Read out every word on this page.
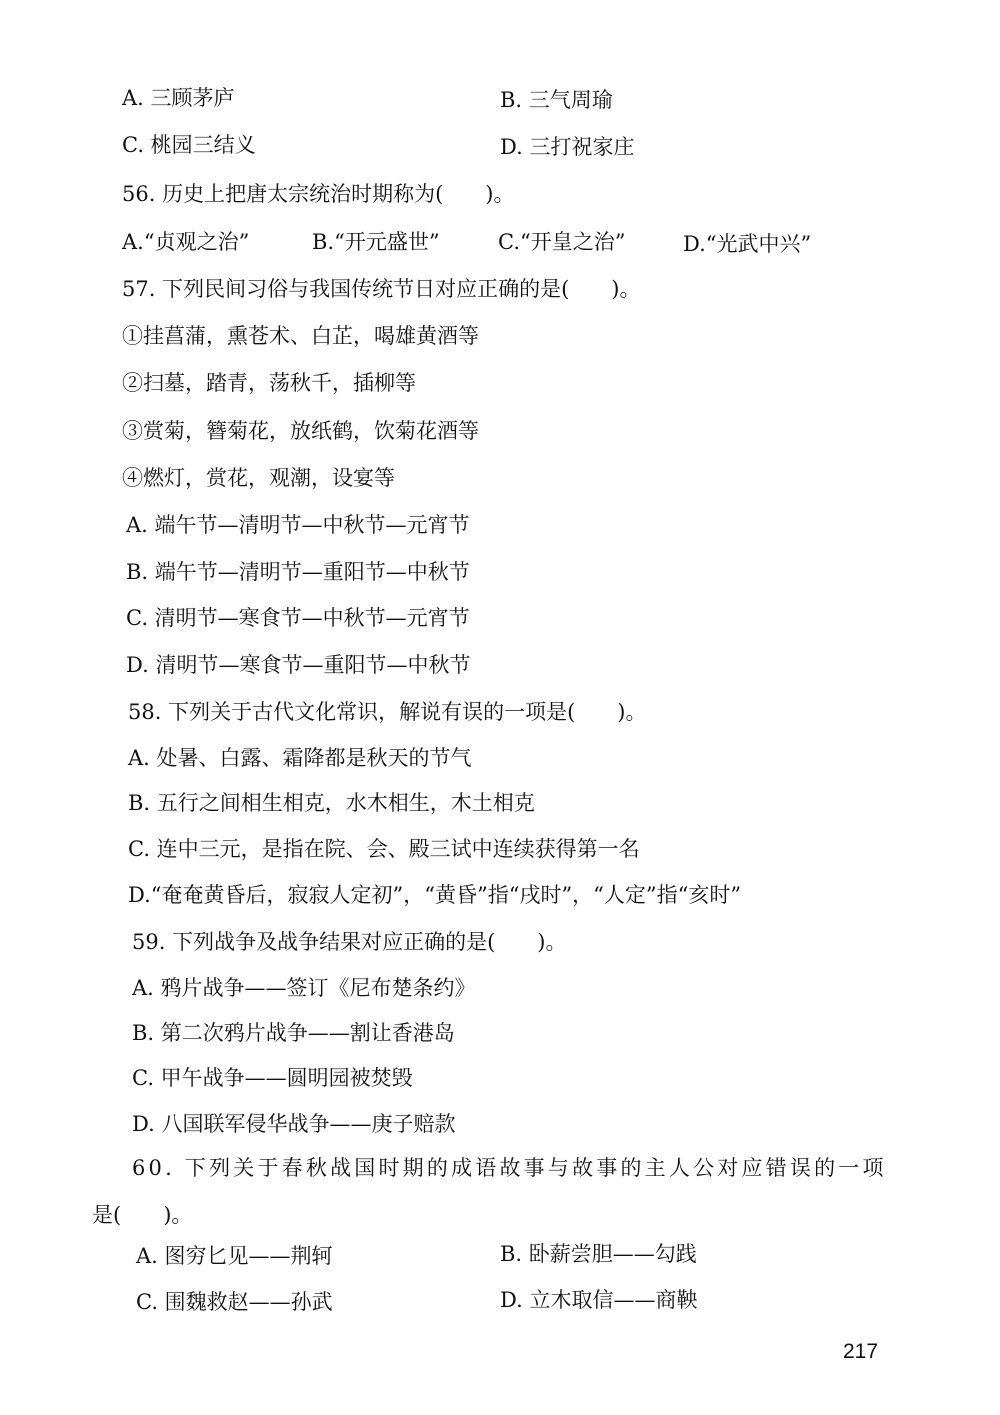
A. 三顾茅庐	B. 三气周瑜
C. 桃园三结义	D. 三打祝家庄
56. 历史上把唐太宗统治时期称为(　　)。
A.“贞观之治”	B.“开元盛世”	C.“开皇之治”	D.“光武中兴”
57. 下列民间习俗与我国传统节日对应正确的是(　　)。
①挂菖蒲，熏苍术、白芷，喝雄黄酒等
②扫墓，踏青，荡秋千，插柳等
③赏菊，簪菊花，放纸鹤，饮菊花酒等
④燃灯，赏花，观潮，设宴等
A. 端午节—清明节—中秋节—元宵节
B. 端午节—清明节—重阳节—中秋节
C. 清明节—寒食节—中秋节—元宵节
D. 清明节—寒食节—重阳节—中秋节
58. 下列关于古代文化常识，解说有误的一项是(　　)。
A. 处暑、白露、霜降都是秋天的节气
B. 五行之间相生相克，水木相生，木土相克
C. 连中三元，是指在院、会、殿三试中连续获得第一名
D.“奄奄黄昏后，寂寂人定初”，“黄昏”指“戌时”，“人定”指“亥时”
59. 下列战争及战争结果对应正确的是(　　)。
A. 鸦片战争——签订《尼布楚条约》
B. 第二次鸦片战争——割让香港岛
C. 甲午战争——圆明园被焚毁
D. 八国联军侵华战争——庚子赔款
60. 下列关于春秋战国时期的成语故事与故事的主人公对应错误的一项
是(　　)。
A. 图穷匕见——荆轲	B. 卧薪尝胆——勾践
C. 围魏救赵——孙武	D. 立木取信——商鞅
217
